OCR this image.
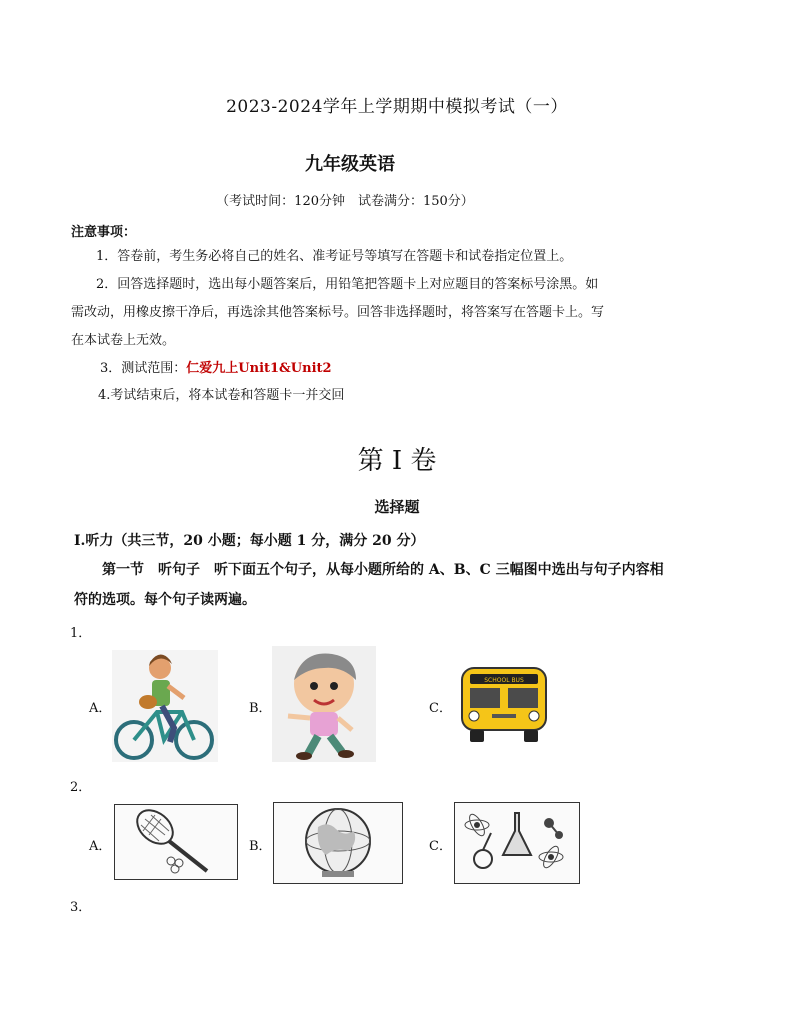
2023-2024学年上学期期中模拟考试（一）
九年级英语
（考试时间：120分钟　试卷满分：150分）
注意事项：
1．答卷前，考生务必将自己的姓名、准考证号等填写在答题卡和试卷指定位置上。
2．回答选择题时，选出每小题答案后，用铅笔把答题卡上对应题目的答案标号涂黑。如
需改动，用橡皮擦干净后，再选涂其他答案标号。回答非选择题时，将答案写在答题卡上。写
在本试卷上无效。
3．测试范围：仁爱九上Unit1&Unit2
4.考试结束后，将本试卷和答题卡一并交回
第 I 卷
选择题
Ⅰ.听力（共三节，20 小题；每小题 1 分，满分 20 分）
第一节　听句子　听下面五个句子，从每小题所给的 A、B、C 三幅图中选出与句子内容相
符的选项。每个句子读两遍。
1．
A．	B．	C．
SCHOOL BUS
2．
A．	B．	C．
3．
